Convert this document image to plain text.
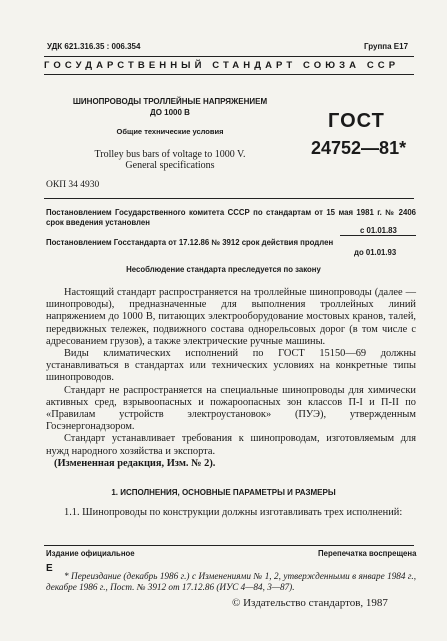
УДК 621.316.35 : 006.354	Группа Е17
ГОСУДАРСТВЕННЫЙ СТАНДАРТ СОЮЗА ССР
ШИНОПРОВОДЫ ТРОЛЛЕЙНЫЕ НАПРЯЖЕНИЕМ
ДО 1000 В
Общие технические условия
Trolley bus bars of voltage to 1000 V.
General specifications
ГОСТ
24752—81*
ОКП 34 4930
Постановлением Государственного комитета СССР по стандартам от 15 мая 1981 г. № 2406 срок введения установлен
с 01.01.83
Постановлением Госстандарта от 17.12.86 № 3912 срок действия продлен
до 01.01.93
Несоблюдение стандарта преследуется по закону

Настоящий стандарт распространяется на троллейные шинопроводы (далее — шинопроводы), предназначенные для выполнения троллейных линий напряжением до 1000 В, питающих электрооборудование мостовых кранов, талей, передвижных тележек, подвижного состава однорельсовых дорог (в том числе с адресованием грузов), а также электрические ручные машины.

Виды климатических исполнений по ГОСТ 15150—69 должны устанавливаться в стандартах или технических условиях на конкретные типы шинопроводов.

Стандарт не распространяется на специальные шинопроводы для химически активных сред, взрывоопасных и пожароопасных зон классов П-I и П-II по «Правилам устройств электроустановок» (ПУЭ), утвержденным Госэнергонадзором.

Стандарт устанавливает требования к шинопроводам, изготовляемым для нужд народного хозяйства и экспорта.

(Измененная редакция, Изм. № 2).

1. ИСПОЛНЕНИЯ, ОСНОВНЫЕ ПАРАМЕТРЫ И РАЗМЕРЫ
1.1. Шинопроводы по конструкции должны изготавливать трех исполнений:
Издание официальное	Перепечатка воспрещена
Е
* Переиздание (декабрь 1986 г.) с Изменениями № 1, 2, утвержденными в январе 1984 г., декабре 1986 г., Пост. № 3912 от 17.12.86 (ИУС 4—84, 3—87).
© Издательство стандартов, 1987
